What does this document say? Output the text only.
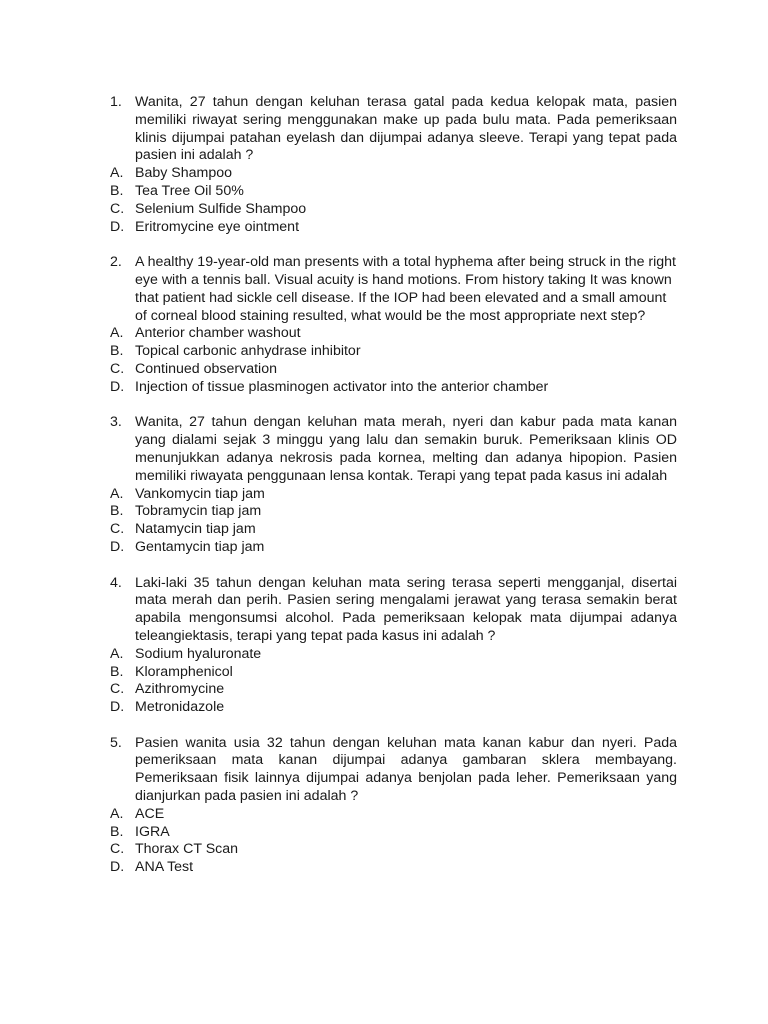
1. Wanita, 27 tahun dengan keluhan terasa gatal pada kedua kelopak mata, pasien memiliki riwayat sering menggunakan make up pada bulu mata. Pada pemeriksaan klinis dijumpai patahan eyelash dan dijumpai adanya sleeve. Terapi yang tepat pada pasien ini adalah ?
A. Baby Shampoo
B. Tea Tree Oil 50%
C. Selenium Sulfide Shampoo
D. Eritromycine eye ointment
2. A healthy 19-year-old man presents with a total hyphema after being struck in the right eye with a tennis ball. Visual acuity is hand motions. From history taking It was known that patient had sickle cell disease. If the IOP had been elevated and a small amount of corneal blood staining resulted, what would be the most appropriate next step?
A. Anterior chamber washout
B. Topical carbonic anhydrase inhibitor
C. Continued observation
D. Injection of tissue plasminogen activator into the anterior chamber
3. Wanita, 27 tahun dengan keluhan mata merah, nyeri dan kabur pada mata kanan yang dialami sejak 3 minggu yang lalu dan semakin buruk. Pemeriksaan klinis OD menunjukkan adanya nekrosis pada kornea, melting dan adanya hipopion. Pasien memiliki riwayata penggunaan lensa kontak. Terapi yang tepat pada kasus ini adalah
A. Vankomycin tiap jam
B. Tobramycin tiap jam
C. Natamycin tiap jam
D. Gentamycin tiap jam
4. Laki-laki 35 tahun dengan keluhan mata sering terasa seperti mengganjal, disertai mata merah dan perih. Pasien sering mengalami jerawat yang terasa semakin berat apabila mengonsumsi alcohol. Pada pemeriksaan kelopak mata dijumpai adanya teleangiektasis, terapi yang tepat pada kasus ini adalah ?
A. Sodium hyaluronate
B. Kloramphenicol
C. Azithromycine
D. Metronidazole
5. Pasien wanita usia 32 tahun dengan keluhan mata kanan kabur dan nyeri. Pada pemeriksaan mata kanan dijumpai adanya gambaran sklera membayang. Pemeriksaan fisik lainnya dijumpai adanya benjolan pada leher. Pemeriksaan yang dianjurkan pada pasien ini adalah ?
A. ACE
B. IGRA
C. Thorax CT Scan
D. ANA Test
